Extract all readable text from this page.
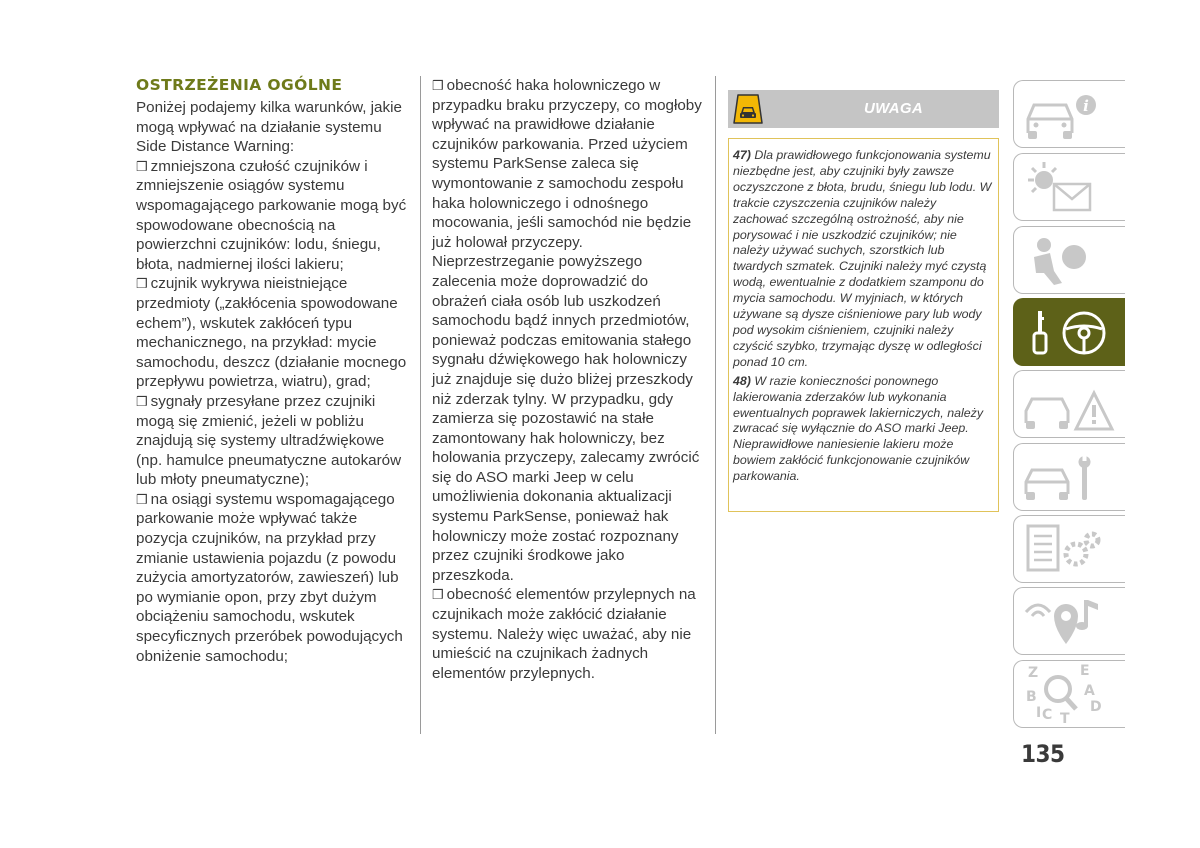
OSTRZEŻENIA OGÓLNE

Poniżej podajemy kilka warunków, jakie mogą wpływać na działanie systemu Side Distance Warning:

❒ zmniejszona czułość czujników i zmniejszenie osiągów systemu wspomagającego parkowanie mogą być spowodowane obecnością na powierzchni czujników: lodu, śniegu, błota, nadmiernej ilości lakieru;

❒ czujnik wykrywa nieistniejące przedmioty („zakłócenia spowodowane echem”), wskutek zakłóceń typu mechanicznego, na przykład: mycie samochodu, deszcz (działanie mocnego przepływu powietrza, wiatru), grad;

❒ sygnały przesyłane przez czujniki mogą się zmienić, jeżeli w pobliżu znajdują się systemy ultradźwiękowe (np. hamulce pneumatyczne autokarów lub młoty pneumatyczne);

❒ na osiągi systemu wspomagającego parkowanie może wpływać także pozycja czujników, na przykład przy zmianie ustawienia pojazdu (z powodu zużycia amortyzatorów, zawieszeń) lub po wymianie opon, przy zbyt dużym obciążeniu samochodu, wskutek specyficznych przeróbek powodujących obniżenie samochodu;

❒ obecność haka holowniczego w przypadku braku przyczepy, co mogłoby wpływać na prawidłowe działanie czujników parkowania. Przed użyciem systemu ParkSense zaleca się wymontowanie z samochodu zespołu haka holowniczego i odnośnego mocowania, jeśli samochód nie będzie już holował przyczepy. Nieprzestrzeganie powyższego zalecenia może doprowadzić do obrażeń ciała osób lub uszkodzeń samochodu bądź innych przedmiotów, ponieważ podczas emitowania stałego sygnału dźwiękowego hak holowniczy już znajduje się dużo bliżej przeszkody niż zderzak tylny. W przypadku, gdy zamierza się pozostawić na stałe zamontowany hak holowniczy, bez holowania przyczepy, zalecamy zwrócić się do ASO marki Jeep w celu umożliwienia dokonania aktualizacji systemu ParkSense, ponieważ hak holowniczy może zostać rozpoznany przez czujniki środkowe jako przeszkoda.

❒ obecność elementów przylepnych na czujnikach może zakłócić działanie systemu. Należy więc uważać, aby nie umieścić na czujnikach żadnych elementów przylepnych.

UWAGA

47) Dla prawidłowego funkcjonowania systemu niezbędne jest, aby czujniki były zawsze oczyszczone z błota, brudu, śniegu lub lodu. W trakcie czyszczenia czujników należy zachować szczególną ostrożność, aby nie porysować i nie uszkodzić czujników; nie należy używać suchych, szorstkich lub twardych szmatek. Czujniki należy myć czystą wodą, ewentualnie z dodatkiem szamponu do mycia samochodu. W myjniach, w których używane są dysze ciśnieniowe pary lub wody pod wysokim ciśnieniem, czujniki należy czyścić szybko, trzymając dyszę w odległości ponad 10 cm.

48) W razie konieczności ponownego lakierowania zderzaków lub wykonania ewentualnych poprawek lakierniczych, należy zwracać się wyłącznie do ASO marki Jeep. Nieprawidłowe naniesienie lakieru może bowiem zakłócić funkcjonowanie czujników parkowania.

i
Z	E
B
C
A
D
I T
135
